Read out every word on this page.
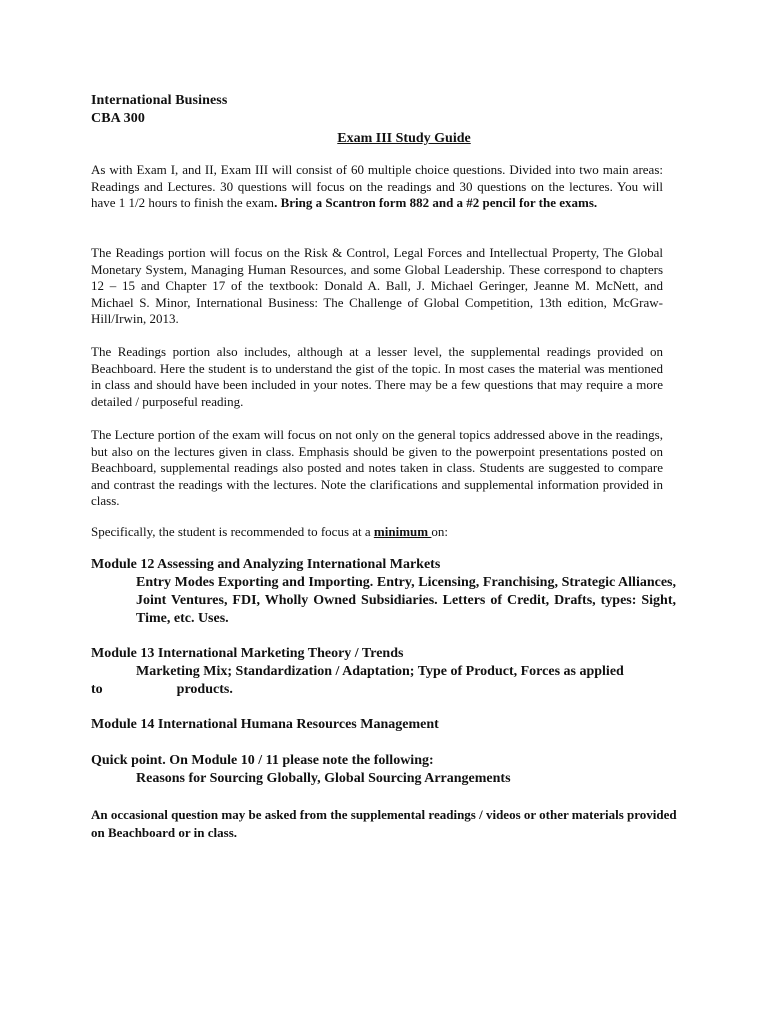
International Business
CBA 300
Exam III Study Guide
As with Exam I, and II, Exam III will consist of 60 multiple choice questions. Divided into two main areas: Readings and Lectures. 30 questions will focus on the readings and 30 questions on the lectures. You will have 1 1/2 hours to finish the exam. Bring a Scantron form 882 and a #2 pencil for the exams.
The Readings portion will focus on the Risk & Control, Legal Forces and Intellectual Property, The Global Monetary System, Managing Human Resources, and some Global Leadership. These correspond to chapters 12 – 15 and Chapter 17 of the textbook: Donald A. Ball, J. Michael Geringer, Jeanne M. McNett, and Michael S. Minor, International Business: The Challenge of Global Competition, 13th edition, McGraw-Hill/Irwin, 2013.
The Readings portion also includes, although at a lesser level, the supplemental readings provided on Beachboard. Here the student is to understand the gist of the topic. In most cases the material was mentioned in class and should have been included in your notes. There may be a few questions that may require a more detailed / purposeful reading.
The Lecture portion of the exam will focus on not only on the general topics addressed above in the readings, but also on the lectures given in class. Emphasis should be given to the powerpoint presentations posted on Beachboard, supplemental readings also posted and notes taken in class. Students are suggested to compare and contrast the readings with the lectures. Note the clarifications and supplemental information provided in class.
Specifically, the student is recommended to focus at a minimum on:
Module 12 Assessing and Analyzing International Markets
Entry Modes Exporting and Importing. Entry, Licensing, Franchising, Strategic Alliances, Joint Ventures, FDI, Wholly Owned Subsidiaries. Letters of Credit, Drafts, types: Sight, Time, etc. Uses.
Module 13 International Marketing Theory / Trends
Marketing Mix; Standardization / Adaptation; Type of Product, Forces as applied
to	products.
Module 14 International Humana Resources Management
Quick point. On Module 10 / 11 please note the following:
Reasons for Sourcing Globally, Global Sourcing Arrangements
An occasional question may be asked from the supplemental readings / videos or other materials provided on Beachboard or in class.
